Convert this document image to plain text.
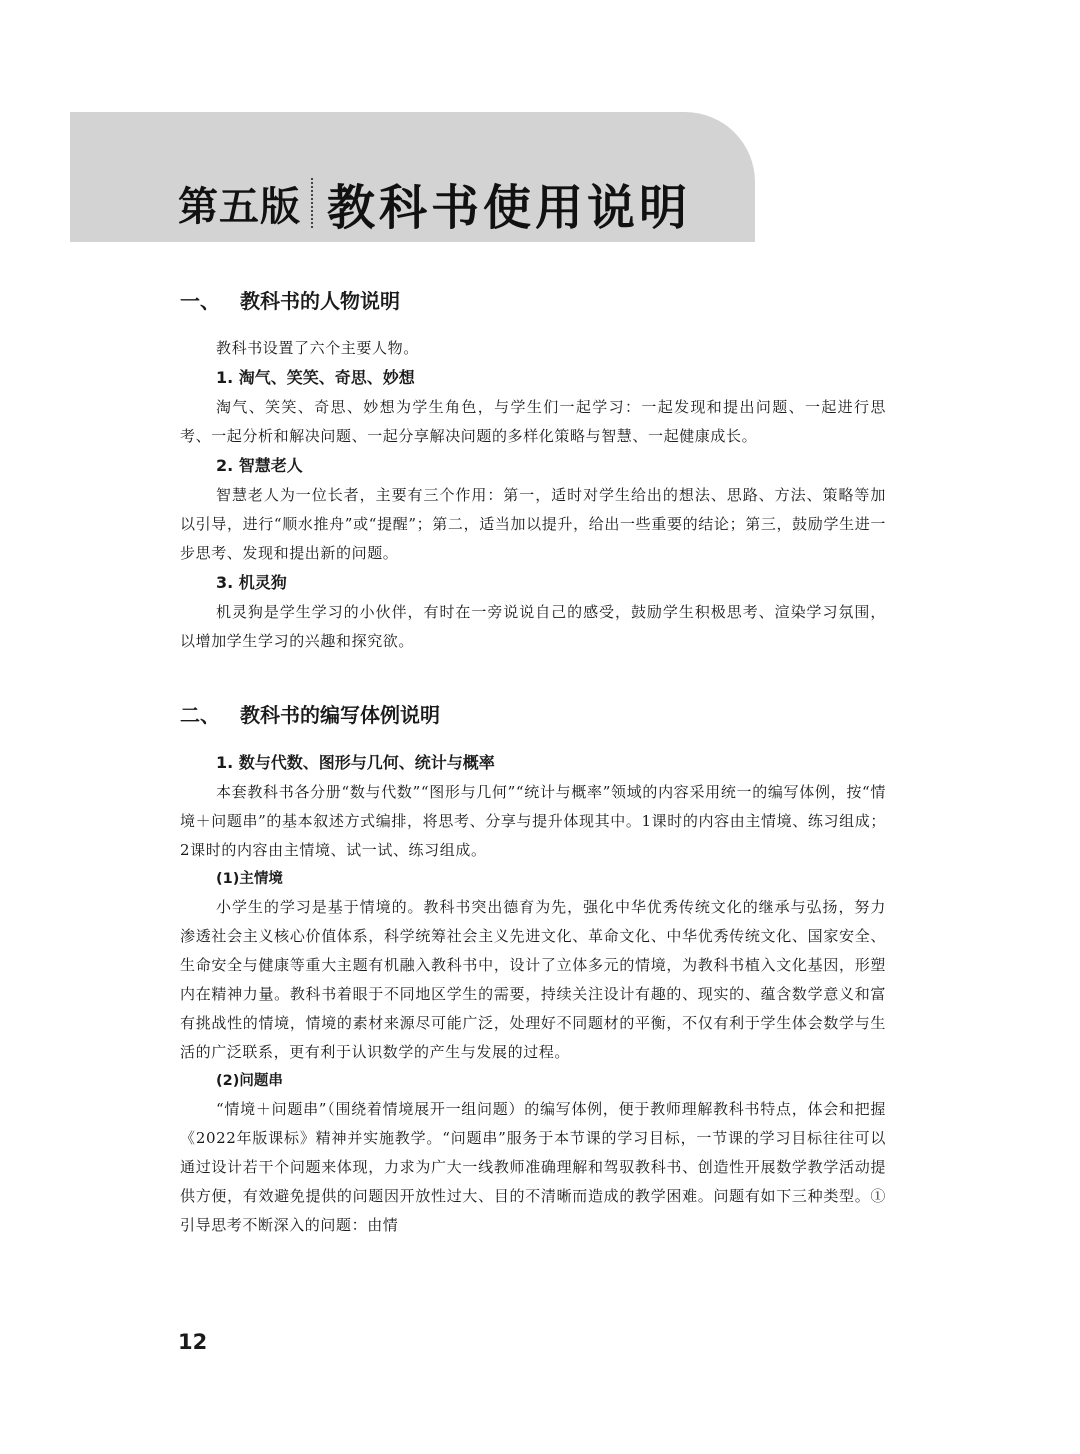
第五版 教科书使用说明
一、	教科书的人物说明

教科书设置了六个主要人物。

1. 淘气、笑笑、奇思、妙想

淘气、笑笑、奇思、妙想为学生角色，与学生们一起学习：一起发现和提出问题、一起进行思考、一起分析和解决问题、一起分享解决问题的多样化策略与智慧、一起健康成长。

2. 智慧老人

智慧老人为一位长者，主要有三个作用：第一，适时对学生给出的想法、思路、方法、策略等加以引导，进行“顺水推舟”或“提醒”；第二，适当加以提升，给出一些重要的结论；第三，鼓励学生进一步思考、发现和提出新的问题。

3. 机灵狗

机灵狗是学生学习的小伙伴，有时在一旁说说自己的感受，鼓励学生积极思考、渲染学习氛围，以增加学生学习的兴趣和探究欲。

二、	教科书的编写体例说明
1. 数与代数、图形与几何、统计与概率

本套教科书各分册“数与代数”“图形与几何”“统计与概率”领域的内容采用统一的编写体例，按“情境＋问题串”的基本叙述方式编排，将思考、分享与提升体现其中。1课时的内容由主情境、练习组成；2课时的内容由主情境、试一试、练习组成。

(1)主情境

小学生的学习是基于情境的。教科书突出德育为先，强化中华优秀传统文化的继承与弘扬，努力渗透社会主义核心价值体系，科学统筹社会主义先进文化、革命文化、中华优秀传统文化、国家安全、生命安全与健康等重大主题有机融入教科书中，设计了立体多元的情境，为教科书植入文化基因，形塑内在精神力量。教科书着眼于不同地区学生的需要，持续关注设计有趣的、现实的、蕴含数学意义和富有挑战性的情境，情境的素材来源尽可能广泛，处理好不同题材的平衡，不仅有利于学生体会数学与生活的广泛联系，更有利于认识数学的产生与发展的过程。

(2)问题串

“情境＋问题串”（围绕着情境展开一组问题）的编写体例，便于教师理解教科书特点，体会和把握《2022年版课标》精神并实施教学。“问题串”服务于本节课的学习目标，一节课的学习目标往往可以通过设计若干个问题来体现，力求为广大一线教师准确理解和驾驭教科书、创造性开展数学教学活动提供方便，有效避免提供的问题因开放性过大、目的不清晰而造成的教学困难。问题有如下三种类型。①引导思考不断深入的问题：由情

12
